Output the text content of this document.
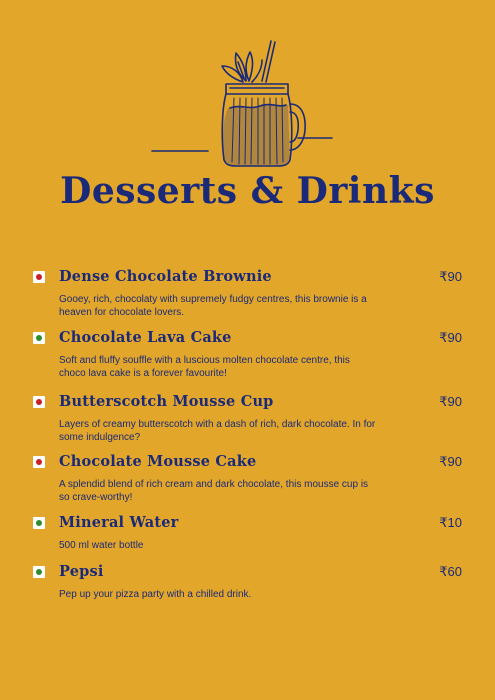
Desserts & Drinks
Dense Chocolate Brownie	₹90

Gooey, rich, chocolaty with supremely fudgy centres, this brownie is a heaven for chocolate lovers.

Chocolate Lava Cake	₹90

Soft and fluffy souffle with a luscious molten chocolate centre, this choco lava cake is a forever favourite!

Butterscotch Mousse Cup	₹90

Layers of creamy butterscotch with a dash of rich, dark chocolate. In for some indulgence?

Chocolate Mousse Cake	₹90

A splendid blend of rich cream and dark chocolate, this mousse cup is so crave-worthy!

Mineral Water	₹10

500 ml water bottle

Pepsi	₹60

Pep up your pizza party with a chilled drink.
